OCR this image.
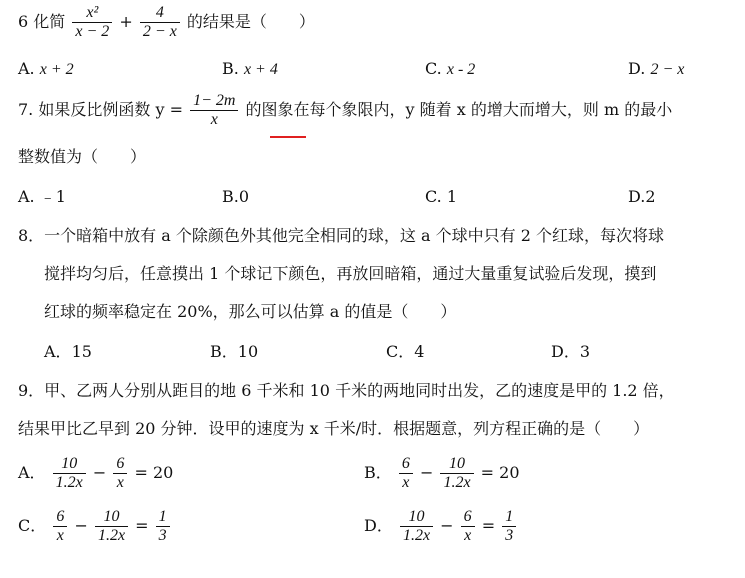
6 化简 $\frac{\text{x²}}{x - 2} + \frac{4}{2 - x}$ 的结果是（　　）
A. x + 2	B. x + 4	C. x - 2	D. 2 − x
7. 如果反比例函数 $y = \frac{1- 2m}{x}$ 的图象在每个象限内，y 随着 x 的增大而增大，则 m 的最小
整数值为（　　）
A. ﹣1	B.0	C. 1	D.2
8．一个暗箱中放有 a 个除颜色外其他完全相同的球，这 a 个球中只有 2 个红球，每次将球
搅拌均匀后，任意摸出 1 个球记下颜色，再放回暗箱，通过大量重复试验后发现，摸到
红球的频率稳定在 20%，那么可以估算 a 的值是（　　）
A．15	B．10	C．4	D．3
9．甲、乙两人分别从距目的地 6 千米和 10 千米的两地同时出发，乙的速度是甲的 1.2 倍，
结果甲比乙早到 20 分钟．设甲的速度为 x 千米/时．根据题意，列方程正确的是（　　）
A． $\frac{10}{1.2x} - \frac{6}{x} = 20$	B． $\frac{6}{x} - \frac{10}{1.2x} = 20$
C． $\frac{6}{x} - \frac{10}{1.2x} = \frac{1}{3}$	D． $\frac{10}{1.2x} - \frac{6}{x} = \frac{1}{3}$
